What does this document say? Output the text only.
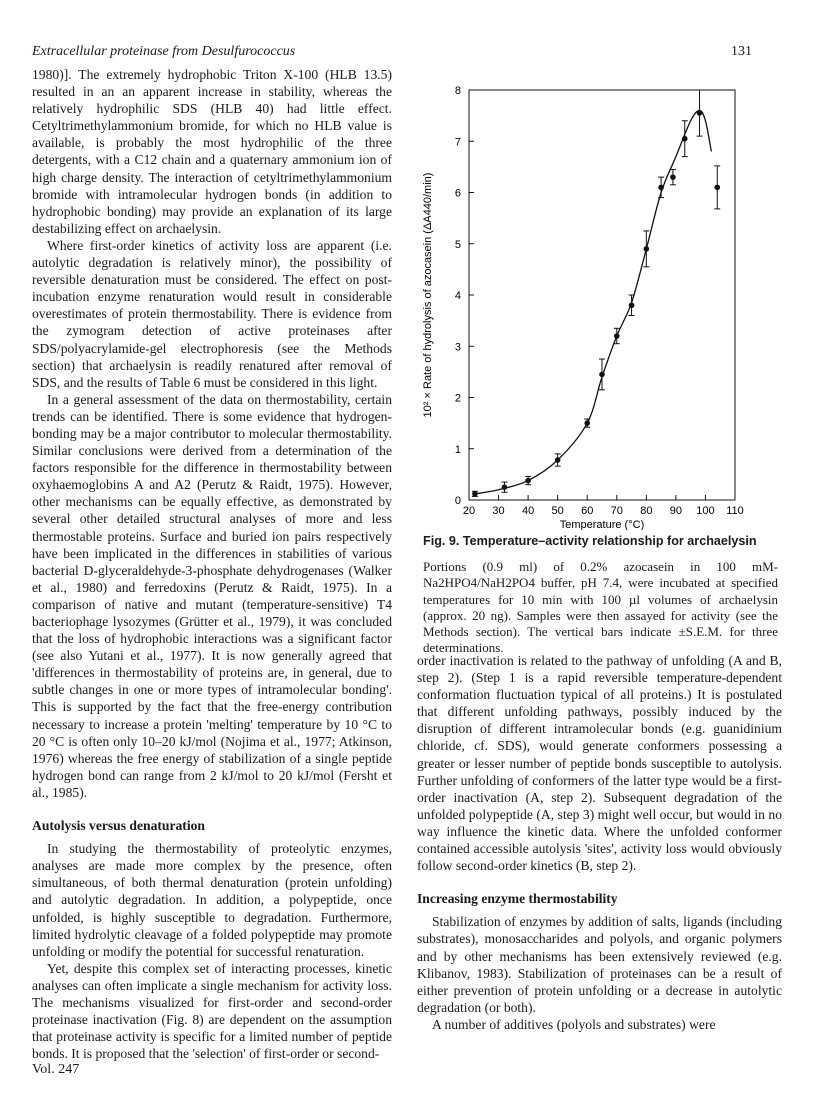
Extracellular proteinase from Desulfurococcus	131

1980)]. The extremely hydrophobic Triton X-100 (HLB 13.5) resulted in an an apparent increase in stability, whereas the relatively hydrophilic SDS (HLB 40) had little effect. Cetyltrimethylammonium bromide, for which no HLB value is available, is probably the most hydrophilic of the three detergents, with a C12 chain and a quaternary ammonium ion of high charge density. The interaction of cetyltrimethylammonium bromide with intramolecular hydrogen bonds (in addition to hydrophobic bonding) may provide an explanation of its large destabilizing effect on archaelysin.

Where first-order kinetics of activity loss are apparent (i.e. autolytic degradation is relatively minor), the possibility of reversible denaturation must be considered. The effect on post-incubation enzyme renaturation would result in considerable overestimates of protein thermostability. There is evidence from the zymogram detection of active proteinases after SDS/polyacrylamide-gel electrophoresis (see the Methods section) that archaelysin is readily renatured after removal of SDS, and the results of Table 6 must be considered in this light.

In a general assessment of the data on thermostability, certain trends can be identified. There is some evidence that hydrogen-bonding may be a major contributor to molecular thermostability. Similar conclusions were derived from a determination of the factors responsible for the difference in thermostability between oxyhaemoglobins A and A2 (Perutz & Raidt, 1975). However, other mechanisms can be equally effective, as demonstrated by several other detailed structural analyses of more and less thermostable proteins. Surface and buried ion pairs respectively have been implicated in the differences in stabilities of various bacterial D-glyceraldehyde-3-phosphate dehydrogenases (Walker et al., 1980) and ferredoxins (Perutz & Raidt, 1975). In a comparison of native and mutant (temperature-sensitive) T4 bacteriophage lysozymes (Grütter et al., 1979), it was concluded that the loss of hydrophobic interactions was a significant factor (see also Yutani et al., 1977). It is now generally agreed that 'differences in thermostability of proteins are, in general, due to subtle changes in one or more types of intramolecular bonding'. This is supported by the fact that the free-energy contribution necessary to increase a protein 'melting' temperature by 10 °C to 20 °C is often only 10–20 kJ/mol (Nojima et al., 1977; Atkinson, 1976) whereas the free energy of stabilization of a single peptide hydrogen bond can range from 2 kJ/mol to 20 kJ/mol (Fersht et al., 1985).

Autolysis versus denaturation

In studying the thermostability of proteolytic enzymes, analyses are made more complex by the presence, often simultaneous, of both thermal denaturation (protein unfolding) and autolytic degradation. In addition, a polypeptide, once unfolded, is highly susceptible to degradation. Furthermore, limited hydrolytic cleavage of a folded polypeptide may promote unfolding or modify the potential for successful renaturation.

Yet, despite this complex set of interacting processes, kinetic analyses can often implicate a single mechanism for activity loss. The mechanisms visualized for first-order and second-order proteinase inactivation (Fig. 8) are dependent on the assumption that proteinase activity is specific for a limited number of peptide bonds. It is proposed that the 'selection' of first-order or second-

20 30 40 50 60 70 80 90 100 110
0
1
2
3
4
5
6
7
8
10² × Rate of hydrolysis of azocasein (ΔA440/min)
Temperature (°C)
Fig. 9. Temperature–activity relationship for archaelysin
Portions (0.9 ml) of 0.2% azocasein in 100 mM-Na2HPO4/NaH2PO4 buffer, pH 7.4, were incubated at specified temperatures for 10 min with 100 µl volumes of archaelysin (approx. 20 ng). Samples were then assayed for activity (see the Methods section). The vertical bars indicate ±S.E.M. for three determinations.

order inactivation is related to the pathway of unfolding (A and B, step 2). (Step 1 is a rapid reversible temperature-dependent conformation fluctuation typical of all proteins.) It is postulated that different unfolding pathways, possibly induced by the disruption of different intramolecular bonds (e.g. guanidinium chloride, cf. SDS), would generate conformers possessing a greater or lesser number of peptide bonds susceptible to autolysis. Further unfolding of conformers of the latter type would be a first-order inactivation (A, step 2). Subsequent degradation of the unfolded polypeptide (A, step 3) might well occur, but would in no way influence the kinetic data. Where the unfolded conformer contained accessible autolysis 'sites', activity loss would obviously follow second-order kinetics (B, step 2).

Increasing enzyme thermostability

Stabilization of enzymes by addition of salts, ligands (including substrates), monosaccharides and polyols, and organic polymers and by other mechanisms has been extensively reviewed (e.g. Klibanov, 1983). Stabilization of proteinases can be a result of either prevention of protein unfolding or a decrease in autolytic degradation (or both).

A number of additives (polyols and substrates) were

Vol. 247
